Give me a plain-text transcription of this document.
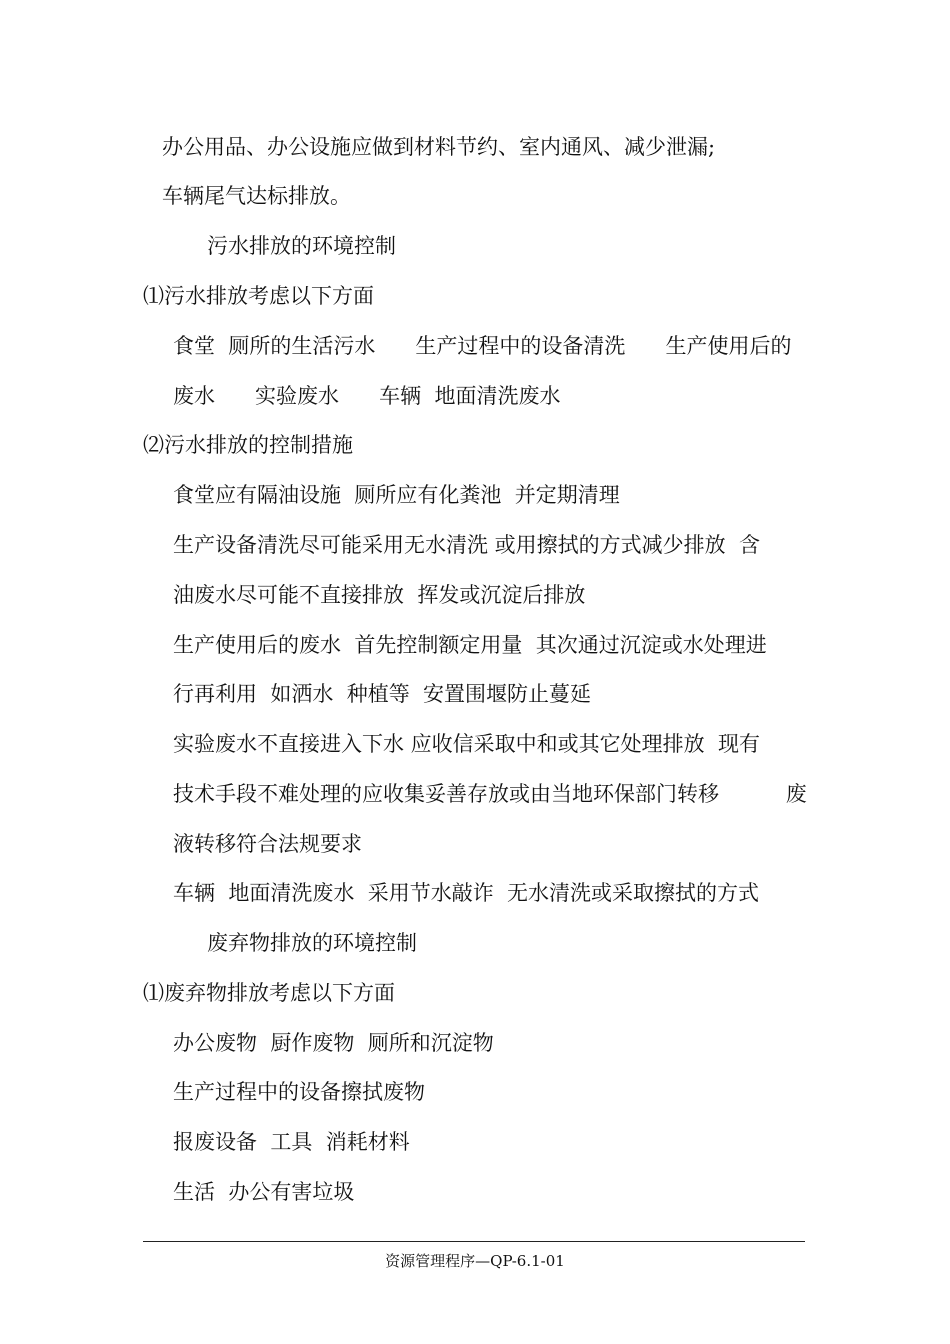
办公用品、办公设施应做到材料节约、室内通风、减少泄漏;
车辆尾气达标排放。
污水排放的环境控制
⑴污水排放考虑以下方面
食堂  厕所的生活污水      生产过程中的设备清洗      生产使用后的
废水      实验废水      车辆  地面清洗废水
⑵污水排放的控制措施
食堂应有隔油设施  厕所应有化粪池  并定期清理
生产设备清洗尽可能采用无水清洗 或用擦拭的方式减少排放  含
油废水尽可能不直接排放  挥发或沉淀后排放
生产使用后的废水  首先控制额定用量  其次通过沉淀或水处理进
行再利用  如洒水  种植等  安置围堰防止蔓延
实验废水不直接进入下水 应收信采取中和或其它处理排放  现有
技术手段不难处理的应收集妥善存放或由当地环保部门转移          废
液转移符合法规要求
车辆  地面清洗废水  采用节水敲诈  无水清洗或采取擦拭的方式
废弃物排放的环境控制
⑴废弃物排放考虑以下方面
办公废物  厨作废物  厕所和沉淀物
生产过程中的设备擦拭废物
报废设备  工具  消耗材料
生活  办公有害垃圾
资源管理程序—QP-6.1-01
